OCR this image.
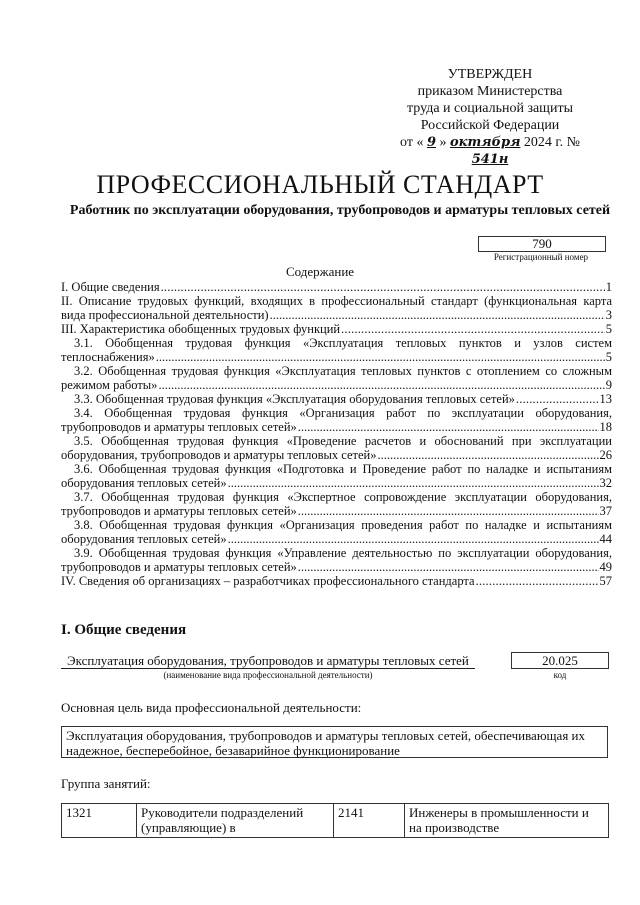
УТВЕРЖДЕН
приказом Министерства
труда и социальной защиты
Российской Федерации
от « 9 » октября 2024 г. № 541н
ПРОФЕССИОНАЛЬНЫЙ СТАНДАРТ
Работник по эксплуатации оборудования, трубопроводов и арматуры тепловых сетей
790
Регистрационный номер
Содержание
I. Общие сведения .....	1
II. Описание трудовых функций, входящих в профессиональный стандарт (функциональная карта
вида профессиональной деятельности) .....	3
III. Характеристика обобщенных трудовых функций .....	5
3.1. Обобщенная трудовая функция «Эксплуатация тепловых пунктов и узлов систем
теплоснабжения» .....	5
3.2. Обобщенная трудовая функция «Эксплуатация тепловых пунктов с отоплением со сложным
режимом работы» .....	9
3.3. Обобщенная трудовая функция «Эксплуатация оборудования тепловых сетей» .....	13
3.4. Обобщенная трудовая функция «Организация работ по эксплуатации оборудования,
трубопроводов и арматуры тепловых сетей» .....	18
3.5. Обобщенная трудовая функция «Проведение расчетов и обоснований при эксплуатации
оборудования, трубопроводов и арматуры тепловых сетей» .....	26
3.6. Обобщенная трудовая функция «Подготовка и Проведение работ по наладке и испытаниям
оборудования тепловых сетей» .....	32
3.7. Обобщенная трудовая функция «Экспертное сопровождение эксплуатации оборудования,
трубопроводов и арматуры тепловых сетей» .....	37
3.8. Обобщенная трудовая функция «Организация проведения работ по наладке и испытаниям
оборудования тепловых сетей» .....	44
3.9. Обобщенная трудовая функция «Управление деятельностью по эксплуатации оборудования,
трубопроводов и арматуры тепловых сетей» .....	49
IV. Сведения об организациях – разработчиках профессионального стандарта .....	57
I. Общие сведения
Эксплуатация оборудования, трубопроводов и арматуры тепловых сетей
(наименование вида профессиональной деятельности)
20.025
код
Основная цель вида профессиональной деятельности:
Эксплуатация оборудования, трубопроводов и арматуры тепловых сетей, обеспечивающая их надежное, бесперебойное, безаварийное функционирование
Группа занятий:
1321	Руководители подразделений (управляющие) в	2141	Инженеры в промышленности и на производстве
